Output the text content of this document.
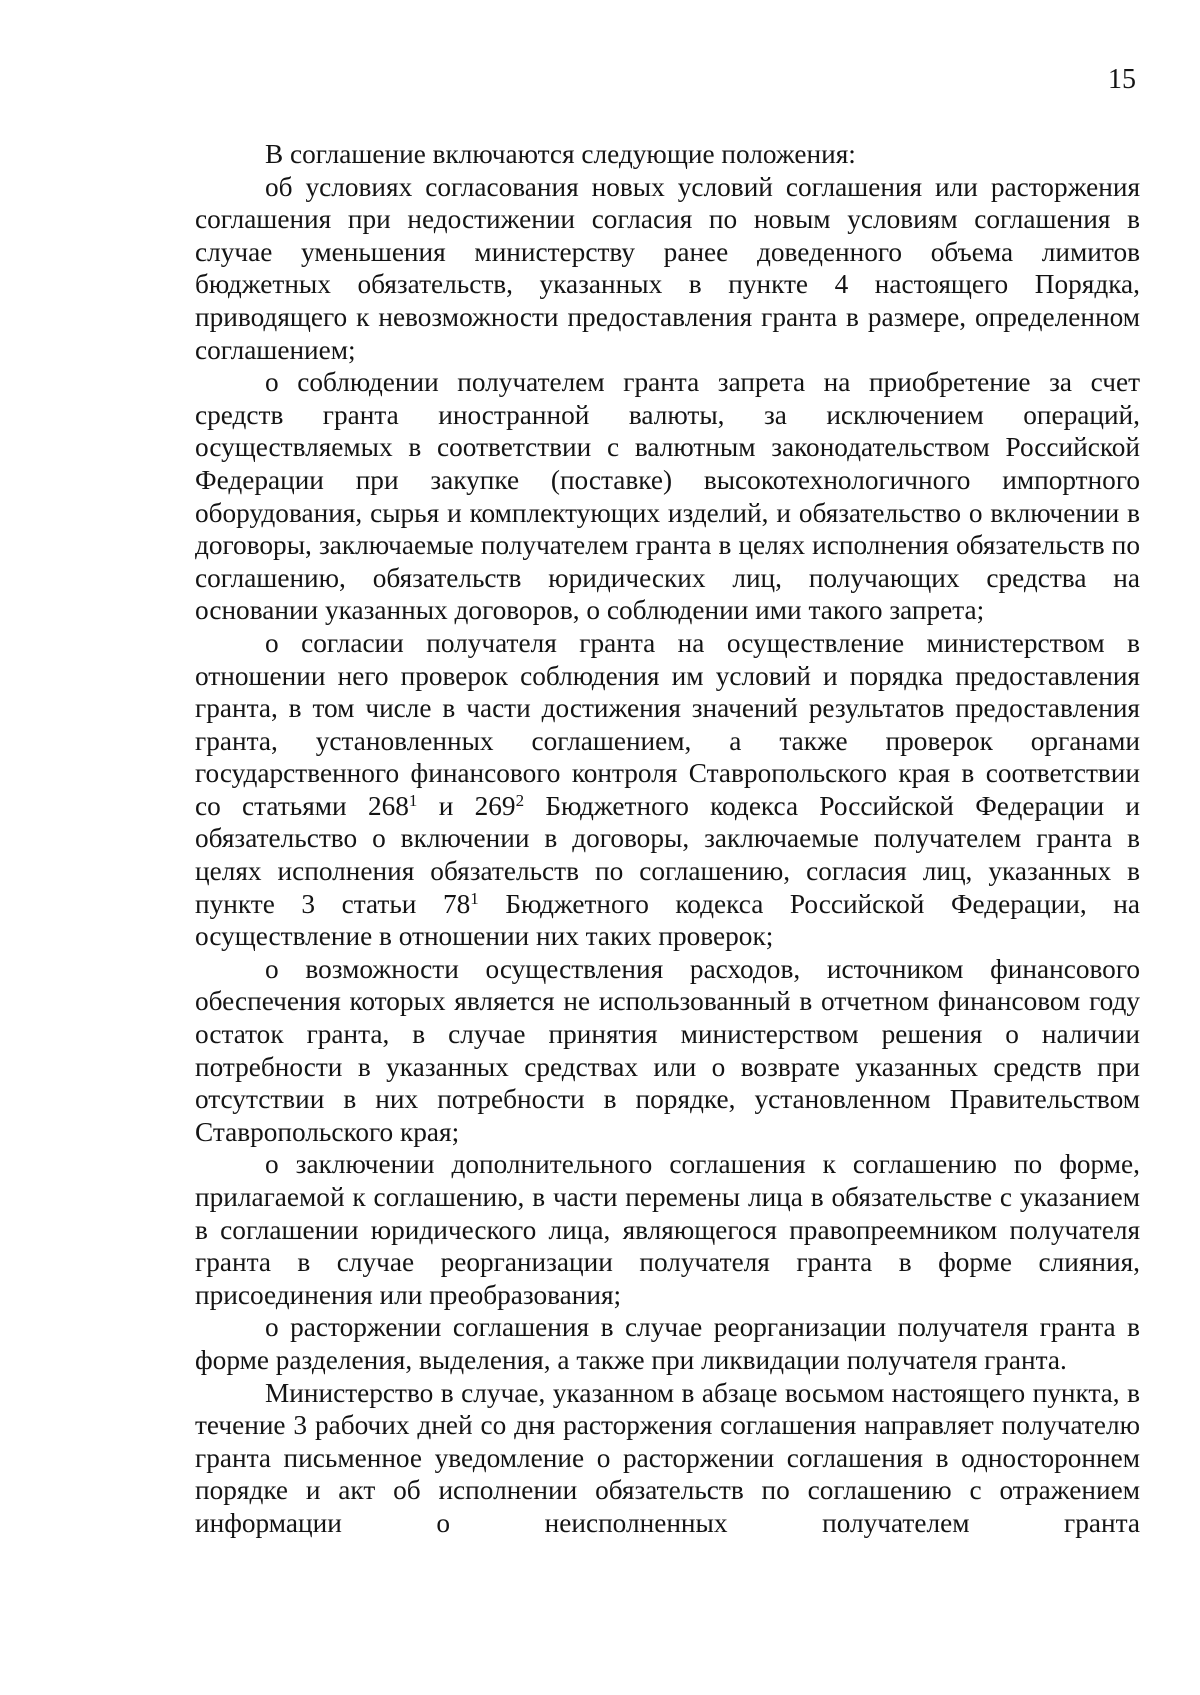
15

В соглашение включаются следующие положения:

об условиях согласования новых условий соглашения или расторжения соглашения при недостижении согласия по новым условиям соглашения в случае уменьшения министерству ранее доведенного объема лимитов бюджетных обязательств, указанных в пункте 4 настоящего Порядка, приводящего к невозможности предоставления гранта в размере, определенном соглашением;

о соблюдении получателем гранта запрета на приобретение за счет средств гранта иностранной валюты, за исключением операций, осуществляемых в соответствии с валютным законодательством Российской Федерации при закупке (поставке) высокотехнологичного импортного оборудования, сырья и комплектующих изделий, и обязательство о включении в договоры, заключаемые получателем гранта в целях исполнения обязательств по соглашению, обязательств юридических лиц, получающих средства на основании указанных договоров, о соблюдении ими такого запрета;

о согласии получателя гранта на осуществление министерством в отношении него проверок соблюдения им условий и порядка предоставления гранта, в том числе в части достижения значений результатов предоставления гранта, установленных соглашением, а также проверок органами государственного финансового контроля Ставропольского края в соответствии со статьями $268^1$ и $269^2$ Бюджетного кодекса Российской Федерации и обязательство о включении в договоры, заключаемые получателем гранта в целях исполнения обязательств по соглашению, согласия лиц, указанных в пункте 3 статьи $78^1$ Бюджетного кодекса Российской Федерации, на осуществление в отношении них таких проверок;

о возможности осуществления расходов, источником финансового обеспечения которых является не использованный в отчетном финансовом году остаток гранта, в случае принятия министерством решения о наличии потребности в указанных средствах или о возврате указанных средств при отсутствии в них потребности в порядке, установленном Правительством Ставропольского края;

о заключении дополнительного соглашения к соглашению по форме, прилагаемой к соглашению, в части перемены лица в обязательстве с указанием в соглашении юридического лица, являющегося правопреемником получателя гранта в случае реорганизации получателя гранта в форме слияния, присоединения или преобразования;

о расторжении соглашения в случае реорганизации получателя гранта в форме разделения, выделения, а также при ликвидации получателя гранта.

Министерство в случае, указанном в абзаце восьмом настоящего пункта, в течение 3 рабочих дней со дня расторжения соглашения направляет получателю гранта письменное уведомление о расторжении соглашения в одностороннем порядке и акт об исполнении обязательств по соглашению с отражением информации о неисполненных получателем гранта
